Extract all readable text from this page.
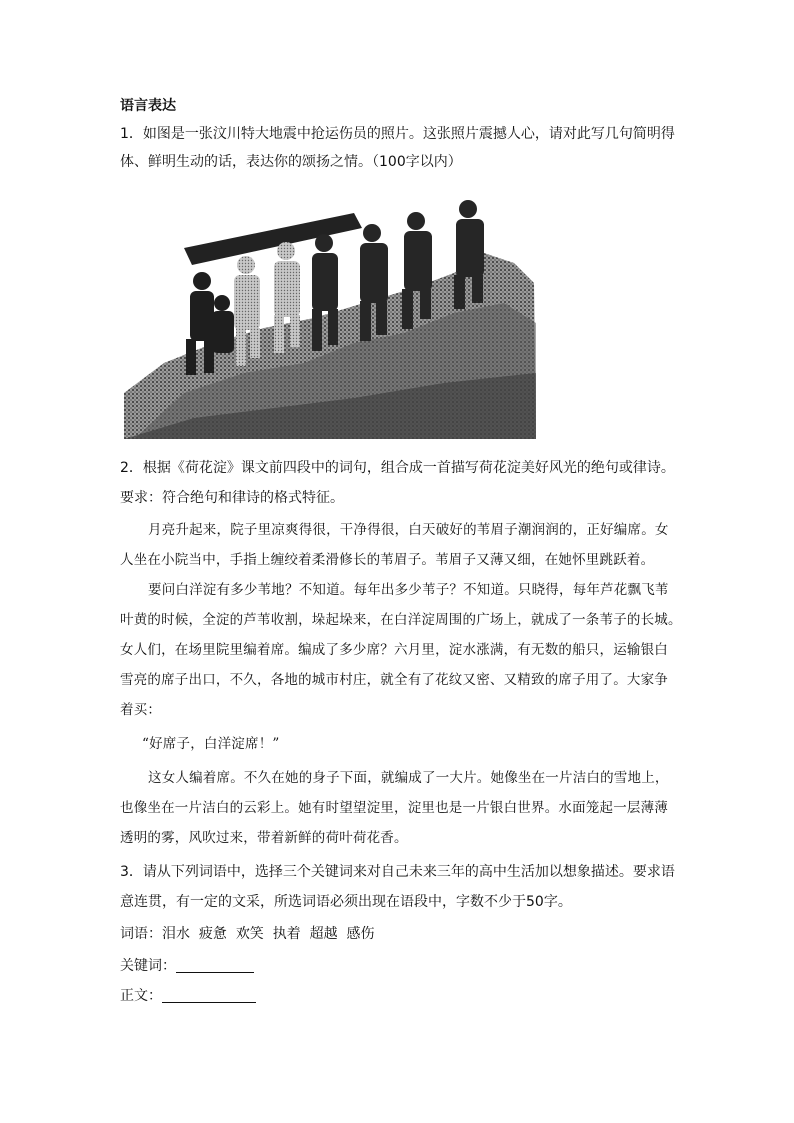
语言表达
1．如图是一张汶川特大地震中抢运伤员的照片。这张照片震撼人心，请对此写几句简明得
体、鲜明生动的话，表达你的颂扬之情。（100字以内）
2．根据《荷花淀》课文前四段中的词句，组合成一首描写荷花淀美好风光的绝句或律诗。
要求：符合绝句和律诗的格式特征。
月亮升起来，院子里凉爽得很，干净得很，白天破好的苇眉子潮润润的，正好编席。女
人坐在小院当中，手指上缠绞着柔滑修长的苇眉子。苇眉子又薄又细，在她怀里跳跃着。
要问白洋淀有多少苇地？不知道。每年出多少苇子？不知道。只晓得，每年芦花飘飞苇
叶黄的时候，全淀的芦苇收割，垛起垛来，在白洋淀周围的广场上，就成了一条苇子的长城。
女人们，在场里院里编着席。编成了多少席？六月里，淀水涨满，有无数的船只，运输银白
雪亮的席子出口，不久，各地的城市村庄，就全有了花纹又密、又精致的席子用了。大家争
着买：
“好席子，白洋淀席！”
这女人编着席。不久在她的身子下面，就编成了一大片。她像坐在一片洁白的雪地上，
也像坐在一片洁白的云彩上。她有时望望淀里，淀里也是一片银白世界。水面笼起一层薄薄
透明的雾，风吹过来，带着新鲜的荷叶荷花香。
3．请从下列词语中，选择三个关键词来对自己未来三年的高中生活加以想象描述。要求语
意连贯，有一定的文采，所选词语必须出现在语段中，字数不少于50字。
词语：泪水 疲惫 欢笑 执着 超越 感伤
关键词：
正文：
